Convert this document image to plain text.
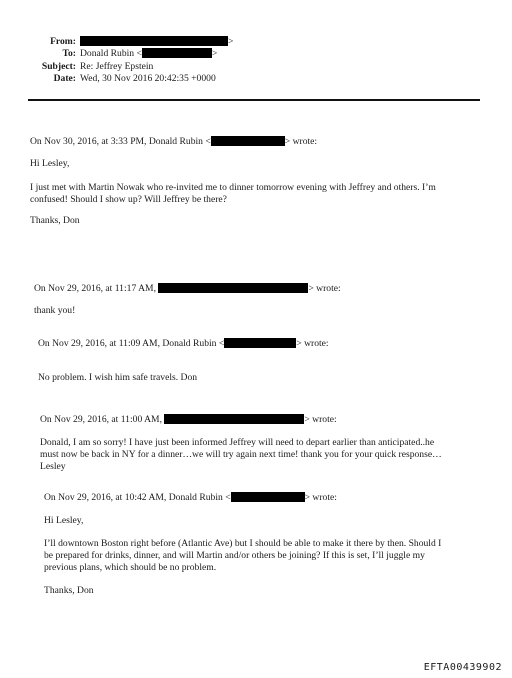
From:	>
To: Donald Rubin <	>
Subject: Re: Jeffrey Epstein
Date: Wed, 30 Nov 2016 20:42:35 +0000
On Nov 30, 2016, at 3:33 PM, Donald Rubin <	> wrote:
Hi Lesley,
I just met with Martin Nowak who re-invited me to dinner tomorrow evening with Jeffrey and others. I’m
confused! Should I show up? Will Jeffrey be there?
Thanks, Don
On Nov 29, 2016, at 11:17 AM,	> wrote:
thank you!
On Nov 29, 2016, at 11:09 AM, Donald Rubin <	> wrote:
No problem. I wish him safe travels. Don
On Nov 29, 2016, at 11:00 AM,	> wrote:
Donald, I am so sorry! I have just been informed Jeffrey will need to depart earlier than anticipated..he
must now be back in NY for a dinner…we will try again next time! thank you for your quick response…
Lesley
On Nov 29, 2016, at 10:42 AM, Donald Rubin <	> wrote:
Hi Lesley,
I’ll downtown Boston right before (Atlantic Ave) but I should be able to make it there by then. Should I
be prepared for drinks, dinner, and will Martin and/or others be joining? If this is set, I’ll juggle my
previous plans, which should be no problem.
Thanks, Don
EFTA00439902
